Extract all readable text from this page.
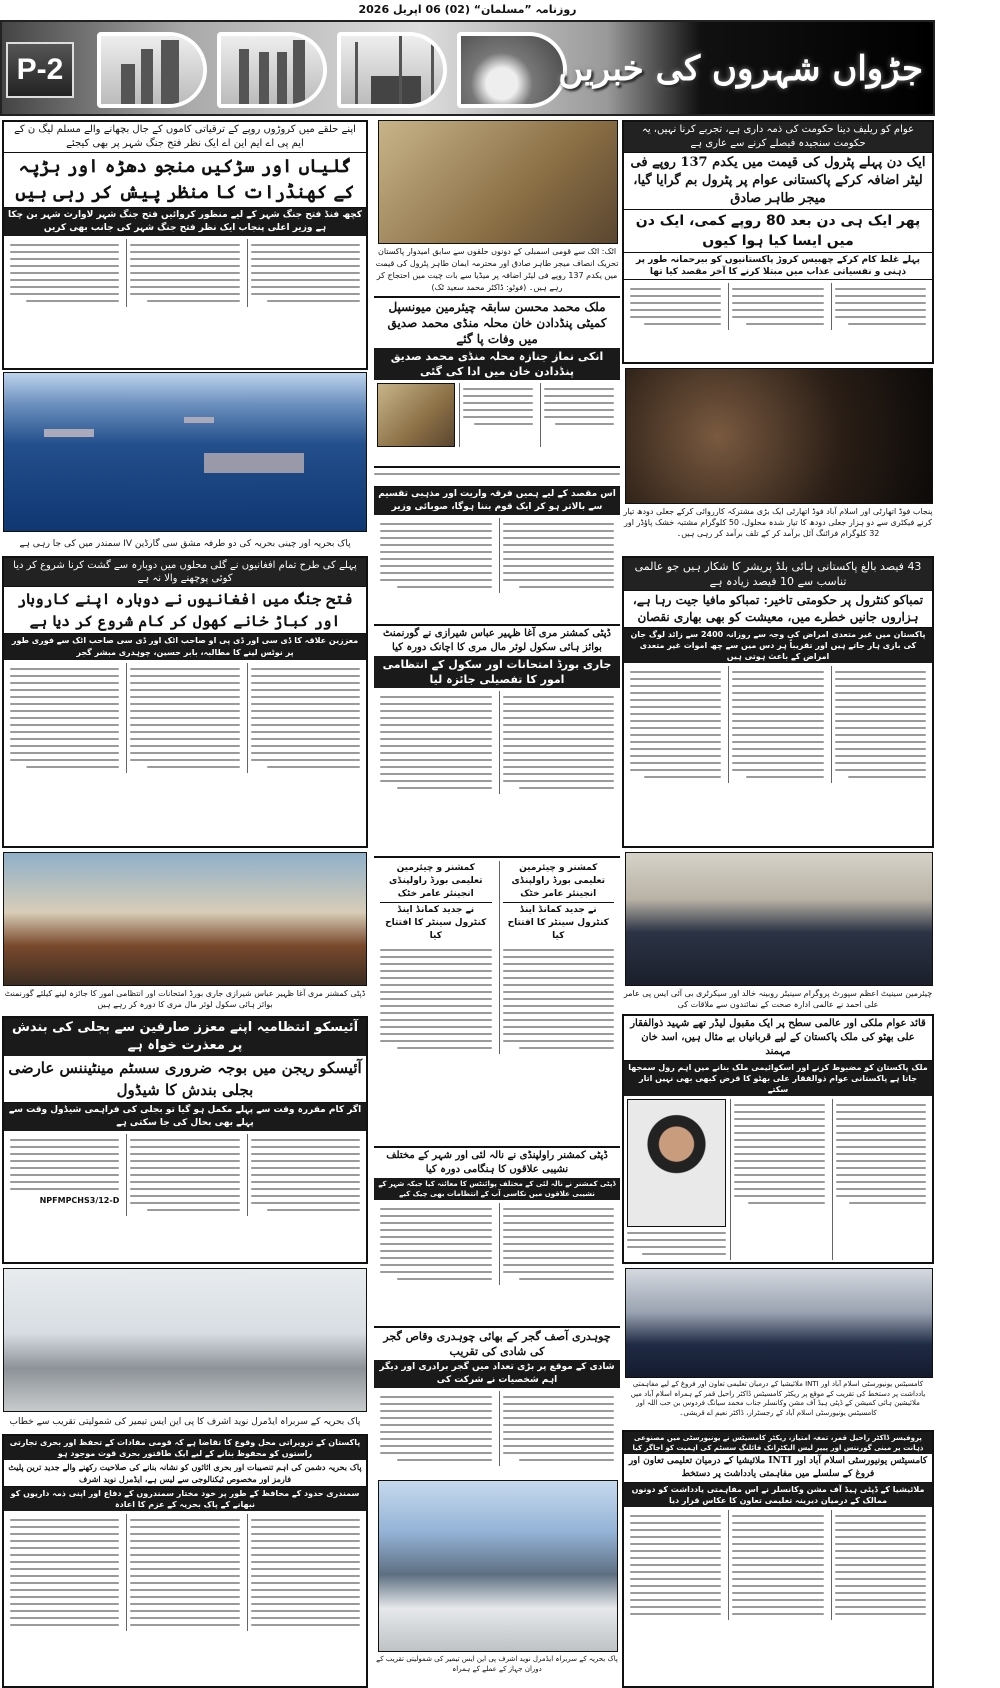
روزنامہ ”مسلمان“ (02) 06 اپریل 2026
P-2	جڑواں شہروں کی خبریں
عوام کو ریلیف دینا حکومت کی ذمہ داری ہے، تجربے کرنا نہیں، یہ حکومت سنجیدہ فیصلے کرنے سے عاری ہے
ایک دن پہلے پٹرول کی قیمت میں یکدم 137 روپے فی لیٹر اضافہ کرکے پاکستانی عوام پر پٹرول بم گرایا گیا، میجر طاہر صادق
پھر ایک ہی دن بعد 80 روپے کمی، ایک دن میں ایسا کیا ہوا کیوں
پہلے غلط کام کرکے چھبیس کروڑ پاکستانیوں کو بیرحمانہ طور پر ذہنی و نفسیاتی عذاب میں مبتلا کرنے کا آخر مقصد کیا تھا
اپنے حلقے میں کروڑوں روپے کے ترقیاتی کاموں کے جال بچھانے والے مسلم لیگ ن کے ایم پی اے ایم این اے ایک نظر فتح جنگ شہر پر بھی کیجئے
گلیاں اور سڑکیں منجو دھڑہ اور ہڑپہ کے کھنڈرات کا منظر پیش کر رہی ہیں
کچھ فنڈ فتح جنگ شہر کے لیے منظور کروائیں فتح جنگ شہر لاوارث شہر بن چکا ہے وزیر اعلی پنجاب ایک نظر فتح جنگ شہر کی جانب بھی کریں
اٹک: اٹک سے قومی اسمبلی کے دونوں حلقوں سے سابق امیدوار پاکستان تحریک انصاف میجر طاہر صادق اور محترمہ ایمان طاہر پٹرول کی قیمت میں یکدم 137 روپے فی لیٹر اضافہ پر میڈیا سے بات چیت میں احتجاج کر رہے ہیں۔ (فوٹو: ڈاکٹر محمد سعید ٹک)
ملک محمد محسن سابقہ چیئرمین میونسپل کمیٹی پنڈدادن خان محلہ منڈی محمد صدیق میں وفات پا گئے
انکی نماز جنازہ محلہ منڈی محمد صدیق پنڈدادن خان میں ادا کی گئی
اس مقصد کے لیے ہمیں فرقہ واریت اور مذہبی تقسیم سے بالاتر ہو کر ایک قوم بننا ہوگا، صوبائی وزیر
پاک بحریہ اور چینی بحریہ کی دو طرفہ مشق سی گارڈین IV سمندر میں کی جا رہی ہے
پنجاب فوڈ اتھارٹی اور اسلام آباد فوڈ اتھارٹی ایک بڑی مشترکہ کارروائی کرکے جعلی دودھ تیار کرنے فیکٹری سے دو ہزار جعلی دودھ کا تیار شدہ محلول، 50 کلوگرام مشتبہ خشک پاؤڈر اور 32 کلوگرام فرائنگ آئل برآمد کر کے تلف برآمد کر رہی ہیں۔
پہلے کی طرح تمام افغانیوں نے گلی محلوں میں دوبارہ سے گشت کرنا شروع کر دیا کوئی پوچھنے والا نہ ہے
فتح جنگ میں افغانیوں نے دوبارہ اپنے کاروبار اور کباڑ خانے کھول کر کام شروع کر دیا ہے
معززین علاقہ کا ڈی سی اور ڈی پی او صاحب اٹک اور ڈی سی صاحب اٹک سے فوری طور پر نوٹس لینے کا مطالبہ، بابر حسین، چوہدری مبشر گجر
43 فیصد بالغ پاکستانی ہائی بلڈ پریشر کا شکار ہیں جو عالمی تناسب سے 10 فیصد زیادہ ہے
تمباکو کنٹرول پر حکومتی تاخیر: تمباکو مافیا جیت رہا ہے، ہزاروں جانیں خطرے میں، معیشت کو بھی بھاری نقصان
پاکستان میں غیر متعدی امراض کی وجہ سے روزانہ 2400 سے زائد لوگ جان کی بازی ہار جاتے ہیں اور تقریباً ہر دس میں سے چھ اموات غیر متعدی امراض کے باعث ہوتی ہیں
ڈپٹی کمشنر مری آغا ظہیر عباس شیرازی نے گورنمنٹ بوائز ہائی سکول لوئر مال مری کا اچانک دورہ کیا
جاری بورڈ امتحانات اور سکول کے انتظامی امور کا تفصیلی جائزہ لیا
ڈپٹی کمشنر مری آغا ظہیر عباس شیرازی جاری بورڈ امتحانات اور انتظامی امور کا جائزہ لینے کیلئے گورنمنٹ بوائز ہائی سکول لوئر مال مری کا دورہ کر رہے ہیں
کمشنر و چیئرمین تعلیمی بورڈ راولپنڈی انجینئر عامر خٹک
نے جدید کمانڈ اینڈ کنٹرول سینٹر کا افتتاح کیا
کمشنر و چیئرمین تعلیمی بورڈ راولپنڈی انجینئر عامر خٹک
نے جدید کمانڈ اینڈ کنٹرول سینٹر کا افتتاح کیا
چیئرمین سینیٹ اعظم سپورٹ پروگرام سینیٹر روبینہ خالد اور سیکرٹری بی آئی ایس پی عامر علی احمد نے عالمی ادارہ صحت کے نمائندوں سے ملاقات کی
آئیسکو انتظامیہ اپنے معزز صارفین سے بجلی کی بندش پر معذرت خواہ ہے
آئیسکو ریجن میں بوجہ ضروری سسٹم مینٹیننس عارضی بجلی بندش کا شیڈول
اگر کام مقررہ وقت سے پہلے مکمل ہو گیا تو بجلی کی فراہمی شیڈول وقت سے پہلے بھی بحال کی جا سکتی ہے
NPFMPCHS3/12-D
قائد عوام ملکی اور عالمی سطح پر ایک مقبول لیڈر تھے شہید ذوالفقار علی بھٹو کی ملک پاکستان کے لیے قربانیاں بے مثال ہیں، اسد خان مہمند
ملک پاکستان کو مضبوط کرنے اور اسکوائیمی ملک بنانے میں اہم رول سمجھا جاتا ہے پاکستانی عوام ذوالفقار علی بھٹو کا قرض کبھی بھی نہیں اتار سکتے
ڈپٹی کمشنر راولپنڈی نے نالہ لئی اور شہر کے مختلف نشیبی علاقوں کا ہنگامی دورہ کیا
ڈپٹی کمشنر نے نالہ لئی کے مختلف پوائنٹس کا معائنہ کیا جبکہ شہر کے نشیبی علاقوں میں نکاسی آب کے انتظامات بھی چیک کیے
پاک بحریہ کے سربراہ ایڈمرل نوید اشرف کا پی این ایس تیمیر کی شمولیتی تقریب سے خطاب
کامسیٹس یونیورسٹی اسلام آباد اور INTI ملائیشیا کے درمیان تعلیمی تعاون اور فروغ کے لیے مفاہمتی یادداشت پر دستخط کی تقریب کے موقع پر ریکٹر کامسیٹس ڈاکٹر راحیل قمر کے ہمراہ اسلام آباد میں ملائیشین ہائی کمیشن کے ڈپٹی ہیڈ آف مشن وکانسلر جناب محمد سیانگ فردوس بن حب اللہ اور کامسیٹس یونیورسٹی اسلام آباد کے رجسٹرار، ڈاکٹر نعیم اے قریشی۔
چوہدری آصف گجر کے بھائی چوہدری وقاص گجر کی شادی کی تقریب
شادی کے موقع پر بڑی تعداد میں گجر برادری اور دیگر اہم شخصیات نے شرکت کی
پاکستان کے تزویراتی محل وقوع کا تقاضا ہے کہ قومی مفادات کے تحفظ اور بحری تجارتی راستوں کو محفوظ بنانے کے لیے ایک طاقتور بحری قوت موجود ہو
پاک بحریہ دشمن کی اہم تنصیبات اور بحری اثاثوں کو نشانہ بنانے کی صلاحیت رکھنے والے جدید ترین پلیٹ فارمز اور مخصوص ٹیکنالوجی سے لیس ہے، ایڈمرل نوید اشرف
سمندری حدود کے محافظ کے طور پر خود مختار سمندروں کے دفاع اور اپنی ذمہ داریوں کو نبھانے کے پاک بحریہ کے عزم کا اعادہ
پاک بحریہ کے سربراہ ایڈمرل نوید اشرف پی این ایس تیمیر کی شمولیتی تقریب کے دوران جہاز کے عملے کے ہمراہ
پروفیسر ڈاکٹر راحیل قمر، تمغہ امتیاز، ریکٹر کامسیٹس نے یونیورسٹی میں مصنوعی ذہانت پر مبنی گورننس اور پیپر لیس الیکٹرانک فائلنگ سسٹم کی اہمیت کو اجاگر کیا
کامسیٹس یونیورسٹی اسلام آباد اور INTI ملائیشیا کے درمیان تعلیمی تعاون اور فروغ کے سلسلے میں مفاہمتی یادداشت پر دستخط
ملائیشیا کے ڈپٹی ہیڈ آف مشن وکانسلر نے اس مفاہمتی یادداشت کو دونوں ممالک کے درمیان دیرینہ تعلیمی تعاون کا عکاس قرار دیا
